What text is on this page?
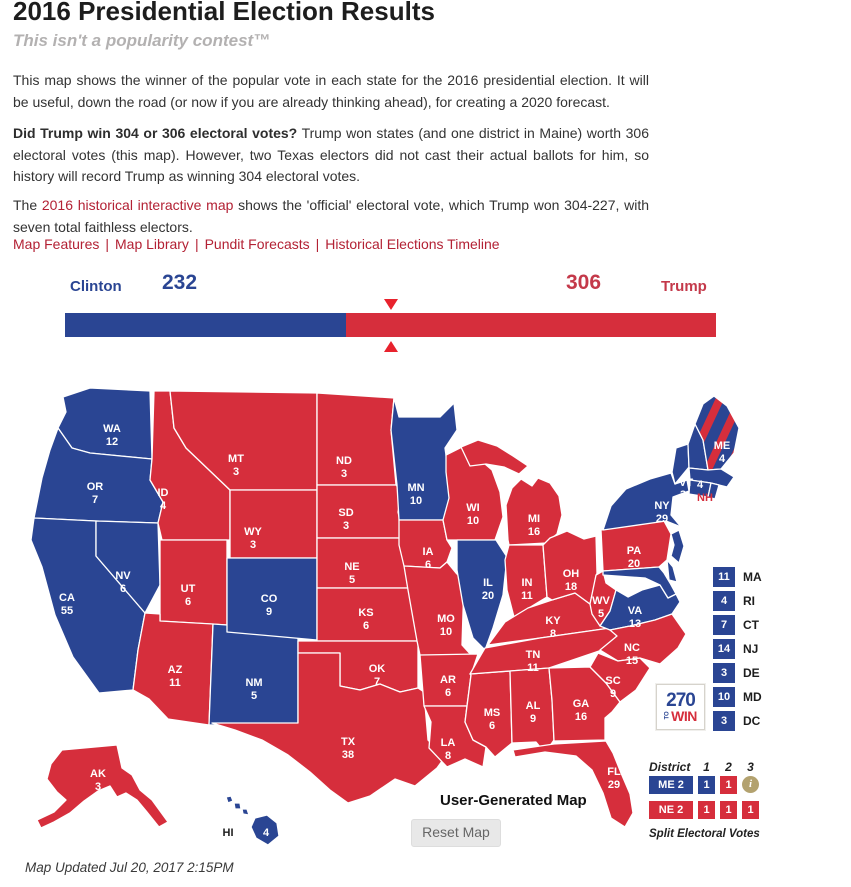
2016 Presidential Election Results
This isn't a popularity contest™

This map shows the winner of the popular vote in each state for the 2016 presidential election. It will be useful, down the road (or now if you are already thinking ahead), for creating a 2020 forecast.

Did Trump win 304 or 306 electoral votes? Trump won states (and one district in Maine) worth 306 electoral votes (this map). However, two Texas electors did not cast their actual ballots for him, so history will record Trump as winning 304 electoral votes.

The 2016 historical interactive map shows the 'official' electoral vote, which Trump won 304-227, with seven total faithless electors.

Map Features | Map Library | Pundit Forecasts | Historical Elections Timeline
Clinton 232	306	Trump
WA 12
OR 7
CA 55
NV 6
ID 4
MT 3
WY 3
UT 6
AZ 11	NM 5
CO 9
ND 3
SD 3
NE 5
KS 6
OK 7
TX 38
MN 10
IA 6
MO 10
AR 6
LA 8
WI 10
IL 20
MS 6
MI 16
IN 11
KY 8
TN 11
AL 9
OH 18
GA 16
WV 5	VA 13
NC 15
SC 9
FL 29
PA 20
NY 29
VT
3
4
NH
ME 4
AK 3
HI	4
User-Generated Map
Reset Map
11	MA
4	RI
7	CT
14	NJ
3	DE
10	MD
3	DC
270
TO WIN
District	1	2	3
ME 2	1	1	i
NE 2	1	1	1
Split Electoral Votes
Map Updated Jul 20, 2017 2:15PM
